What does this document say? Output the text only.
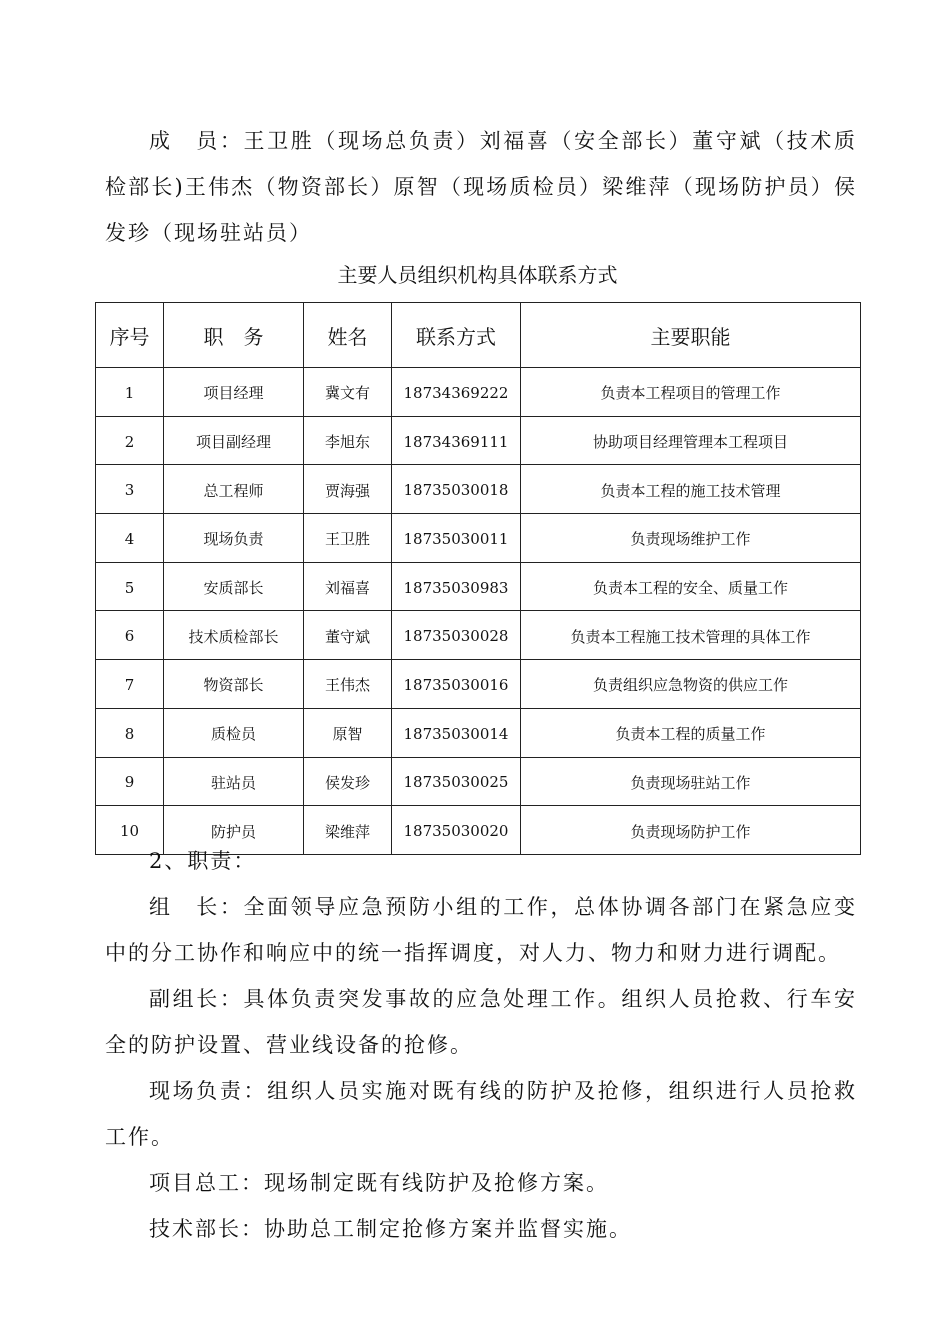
成　员：王卫胜（现场总负责）刘福喜（安全部长）董守斌（技术质检部长)王伟杰（物资部长）原智（现场质检员）梁维萍（现场防护员）侯发珍（现场驻站员）

主要人员组织机构具体联系方式

序号	职　务	姓名	联系方式	主要职能
1	项目经理	冀文有	18734369222	负责本工程项目的管理工作
2	项目副经理	李旭东	18734369111	协助项目经理管理本工程项目
3	总工程师	贾海强	18735030018	负责本工程的施工技术管理
4	现场负责	王卫胜	18735030011	负责现场维护工作
5	安质部长	刘福喜	18735030983	负责本工程的安全、质量工作
6	技术质检部长	董守斌	18735030028	负责本工程施工技术管理的具体工作
7	物资部长	王伟杰	18735030016	负责组织应急物资的供应工作
8	质检员	原智	18735030014	负责本工程的质量工作
9	驻站员	侯发珍	18735030025	负责现场驻站工作
10	防护员	梁维萍	18735030020	负责现场防护工作

2、职责：

组　长：全面领导应急预防小组的工作，总体协调各部门在紧急应变中的分工协作和响应中的统一指挥调度，对人力、物力和财力进行调配。

副组长：具体负责突发事故的应急处理工作。组织人员抢救、行车安全的防护设置、营业线设备的抢修。

现场负责：组织人员实施对既有线的防护及抢修，组织进行人员抢救工作。

项目总工：现场制定既有线防护及抢修方案。

技术部长：协助总工制定抢修方案并监督实施。
